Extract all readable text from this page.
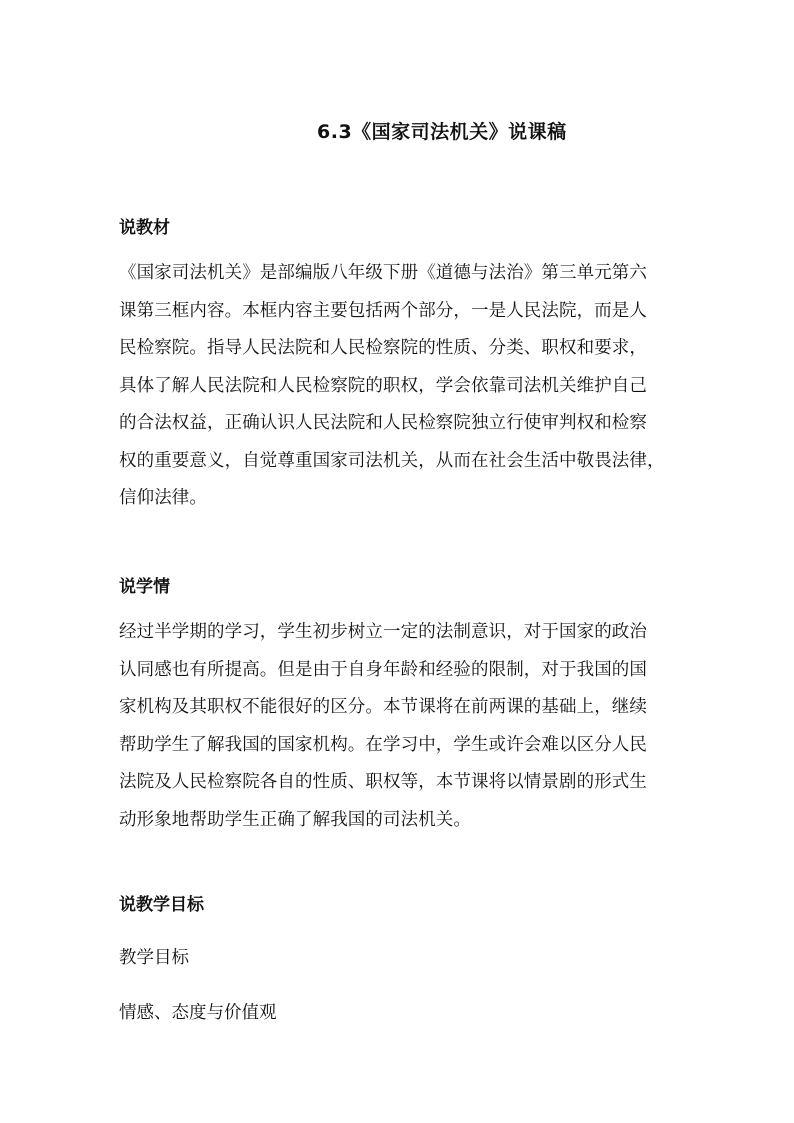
6.3《国家司法机关》说课稿
说教材
《国家司法机关》是部编版八年级下册《道德与法治》第三单元第六
课第三框内容。本框内容主要包括两个部分，一是人民法院，而是人
民检察院。指导人民法院和人民检察院的性质、分类、职权和要求，
具体了解人民法院和人民检察院的职权，学会依靠司法机关维护自己
的合法权益，正确认识人民法院和人民检察院独立行使审判权和检察
权的重要意义，自觉尊重国家司法机关，从而在社会生活中敬畏法律，
信仰法律。
说学情
经过半学期的学习，学生初步树立一定的法制意识，对于国家的政治
认同感也有所提高。但是由于自身年龄和经验的限制，对于我国的国
家机构及其职权不能很好的区分。本节课将在前两课的基础上，继续
帮助学生了解我国的国家机构。在学习中，学生或许会难以区分人民
法院及人民检察院各自的性质、职权等，本节课将以情景剧的形式生
动形象地帮助学生正确了解我国的司法机关。
说教学目标
教学目标
情感、态度与价值观
